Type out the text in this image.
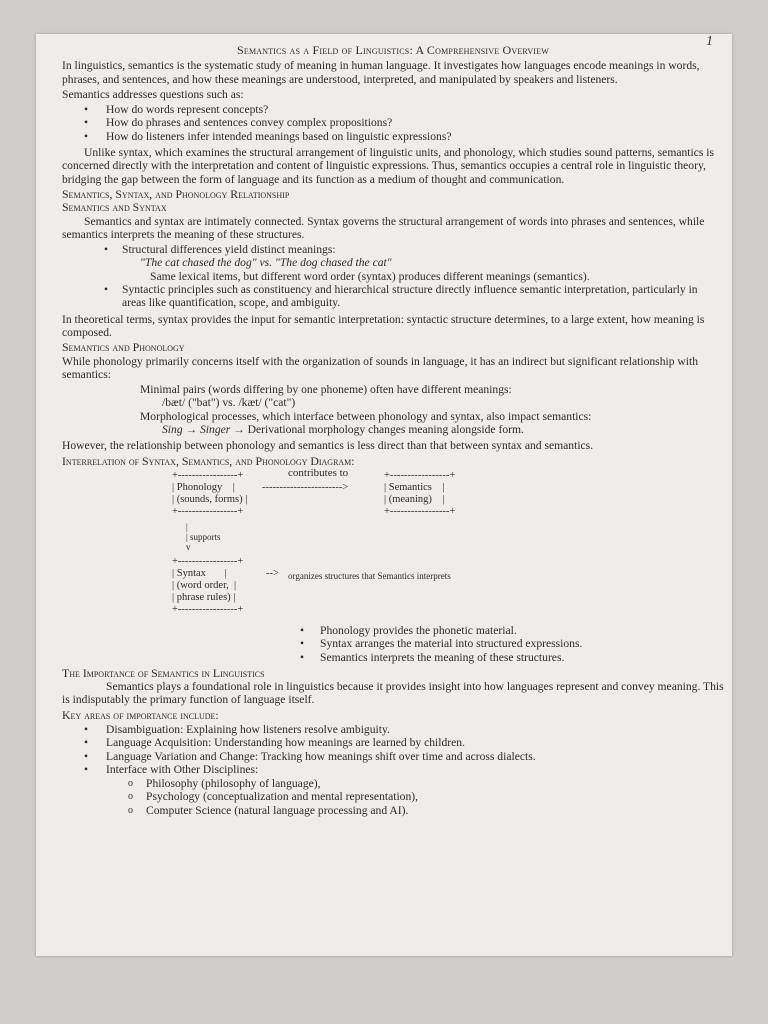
1
Semantics as a Field of Linguistics: A Comprehensive Overview

In linguistics, semantics is the systematic study of meaning in human language. It investigates how languages encode meanings in words, phrases, and sentences, and how these meanings are understood, interpreted, and manipulated by speakers and listeners.

Semantics addresses questions such as:

• How do words represent concepts?
• How do phrases and sentences convey complex propositions?
• How do listeners infer intended meanings based on linguistic expressions?

Unlike syntax, which examines the structural arrangement of linguistic units, and phonology, which studies sound patterns, semantics is concerned directly with the interpretation and content of linguistic expressions. Thus, semantics occupies a central role in linguistic theory, bridging the gap between the form of language and its function as a medium of thought and communication.

Semantics, Syntax, and Phonology Relationship
Semantics and Syntax

Semantics and syntax are intimately connected. Syntax governs the structural arrangement of words into phrases and sentences, while semantics interprets the meaning of these structures.

• Structural differences yield distinct meanings:
"The cat chased the dog" vs. "The dog chased the cat"
Same lexical items, but different word order (syntax) produces different meanings (semantics).
• Syntactic principles such as constituency and hierarchical structure directly influence semantic interpretation, particularly in areas like quantification, scope, and ambiguity.

In theoretical terms, syntax provides the input for semantic interpretation: syntactic structure determines, to a large extent, how meaning is composed.

Semantics and Phonology

While phonology primarily concerns itself with the organization of sounds in language, it has an indirect but significant relationship with semantics:

Minimal pairs (words differing by one phoneme) often have different meanings:
/bæt/ ("bat") vs. /kæt/ ("cat")
Morphological processes, which interface between phonology and syntax, also impact semantics:
Sing → Singer → Derivational morphology changes meaning alongside form.

However, the relationship between phonology and semantics is less direct than that between syntax and semantics.

Interrelation of Syntax, Semantics, and Phonology Diagram:

+-----------------+
| Phonology    |
| (sounds, forms) |
+-----------------+

contributes to

----------------------->

+-----------------+
| Semantics    |
| (meaning)    |
+-----------------+

|
| supports
v

+-----------------+
| Syntax       |
| (word order,  |
| phrase rules) |
+-----------------+

-->

organizes structures that Semantics interprets

• Phonology provides the phonetic material.
• Syntax arranges the material into structured expressions.
• Semantics interprets the meaning of these structures.
The Importance of Semantics in Linguistics

Semantics plays a foundational role in linguistics because it provides insight into how languages represent and convey meaning. This is indisputably the primary function of language itself.

Key areas of importance include:
• Disambiguation: Explaining how listeners resolve ambiguity.
• Language Acquisition: Understanding how meanings are learned by children.
• Language Variation and Change: Tracking how meanings shift over time and across dialects.
• Interface with Other Disciplines:
o Philosophy (philosophy of language),
o Psychology (conceptualization and mental representation),
o Computer Science (natural language processing and AI).
